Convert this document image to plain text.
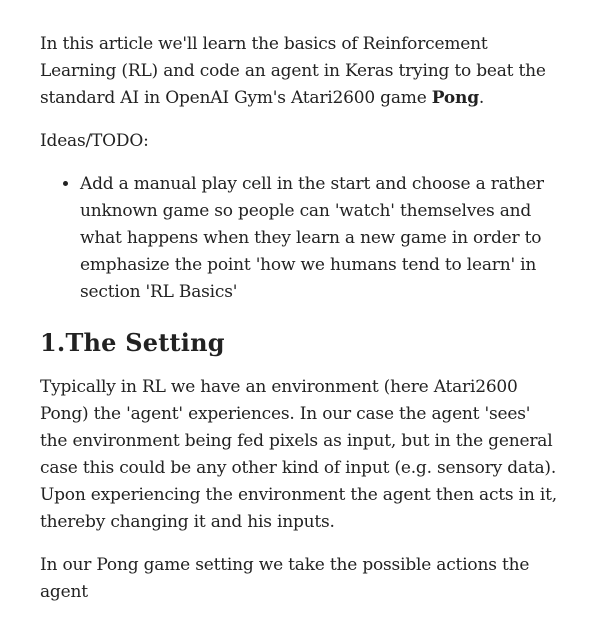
In this article we'll learn the basics of Reinforcement Learning (RL) and code an agent in Keras trying to beat the standard AI in OpenAI Gym's Atari2600 game Pong.

Ideas/TODO:

• Add a manual play cell in the start and choose a rather unknown game so people can 'watch' themselves and what happens when they learn a new game in order to emphasize the point 'how we humans tend to learn' in section 'RL Basics'
1.The Setting

Typically in RL we have an environment (here Atari2600 Pong) the 'agent' experiences. In our case the agent 'sees' the environment being fed pixels as input, but in the general case this could be any other kind of input (e.g. sensory data). Upon experiencing the environment the agent then acts in it, thereby changing it and his inputs.

In our Pong game setting we take the possible actions the agent
